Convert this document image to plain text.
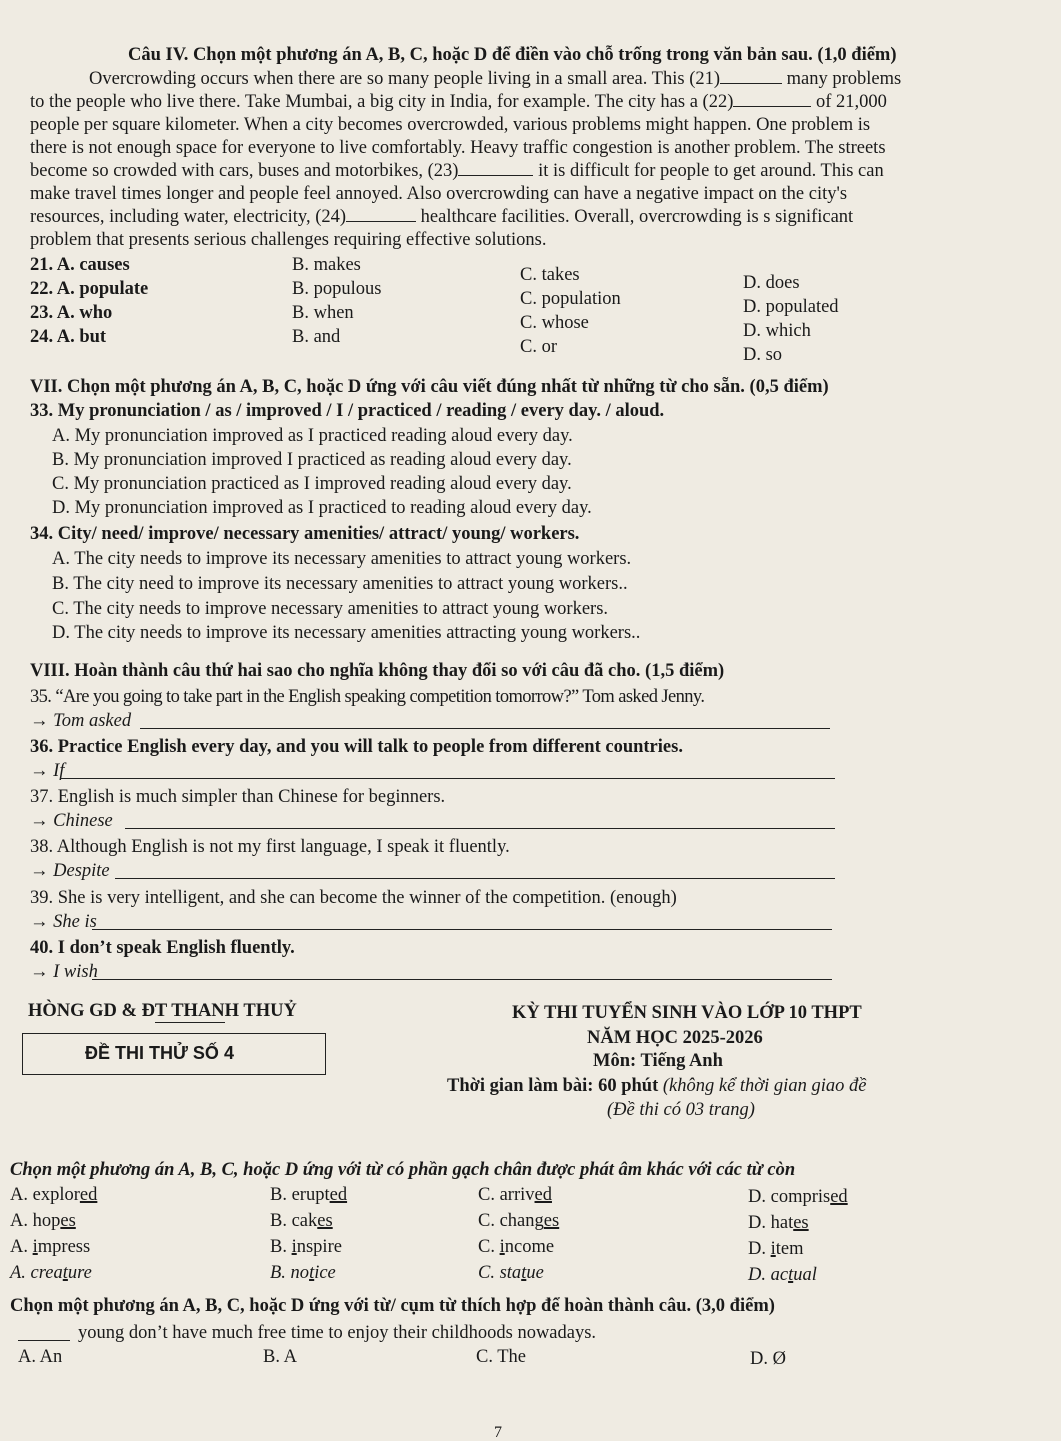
Câu IV. Chọn một phương án A, B, C, hoặc D để điền vào chỗ trống trong văn bản sau. (1,0 điểm)
Overcrowding occurs when there are so many people living in a small area. This (21)	many problems
to the people who live there. Take Mumbai, a big city in India, for example. The city has a (22)	of 21,000
people per square kilometer. When a city becomes overcrowded, various problems might happen. One problem is
there is not enough space for everyone to live comfortably. Heavy traffic congestion is another problem. The streets
become so crowded with cars, buses and motorbikes, (23)	it is difficult for people to get around. This can
make travel times longer and people feel annoyed. Also overcrowding can have a negative impact on the city's
resources, including water, electricity, (24)	healthcare facilities. Overall, overcrowding is s significant
problem that presents serious challenges requiring effective solutions.
21. A. causes	B. makes	C. takes	D. does
22. A. populate	B. populous	C. population	D. populated
23. A. who	B. when	C. whose	D. which
24. A. but	B. and	C. or	D. so
VII. Chọn một phương án A, B, C, hoặc D ứng với câu viết đúng nhất từ những từ cho sẵn. (0,5 điểm)
33. My pronunciation / as / improved / I / practiced / reading / every day. / aloud.
A. My pronunciation improved as I practiced reading aloud every day.
B. My pronunciation improved I practiced as reading aloud every day.
C. My pronunciation practiced as I improved reading aloud every day.
D. My pronunciation improved as I practiced to reading aloud every day.
34. City/ need/ improve/ necessary amenities/ attract/ young/ workers.
A. The city needs to improve its necessary amenities to attract young workers.
B. The city need to improve its necessary amenities to attract young workers..
C. The city needs to improve necessary amenities to attract young workers.
D. The city needs to improve its necessary amenities attracting young workers..
VIII. Hoàn thành câu thứ hai sao cho nghĩa không thay đổi so với câu đã cho. (1,5 điểm)
35. “Are you going to take part in the English speaking competition tomorrow?” Tom asked Jenny.
→ Tom asked
36. Practice English every day, and you will talk to people from different countries.
→ If
37. English is much simpler than Chinese for beginners.
→ Chinese
38. Although English is not my first language, I speak it fluently.
→ Despite
39. She is very intelligent, and she can become the winner of the competition. (enough)
→ She is
40. I don’t speak English fluently.
→ I wish
HÒNG GD & ĐT THANH THUỶ	KỲ THI TUYỂN SINH VÀO LỚP 10 THPT
NĂM HỌC 2025-2026
ĐỀ THI THỬ SỐ 4	Môn: Tiếng Anh
Thời gian làm bài: 60 phút (không kể thời gian giao đề
(Đề thi có 03 trang)
Chọn một phương án A, B, C, hoặc D ứng với từ có phần gạch chân được phát âm khác với các từ còn
A. explored	B. erupted	C. arrived	D. comprised
A. hopes	B. cakes	C. changes	D. hates
A. impress	B. inspire	C. income	D. item
A. creature	B. notice	C. statue	D. actual
Chọn một phương án A, B, C, hoặc D ứng với từ/ cụm từ thích hợp để hoàn thành câu. (3,0 điểm)
young don’t have much free time to enjoy their childhoods nowadays.
A. An	B. A	C. The	D. Ø
7
